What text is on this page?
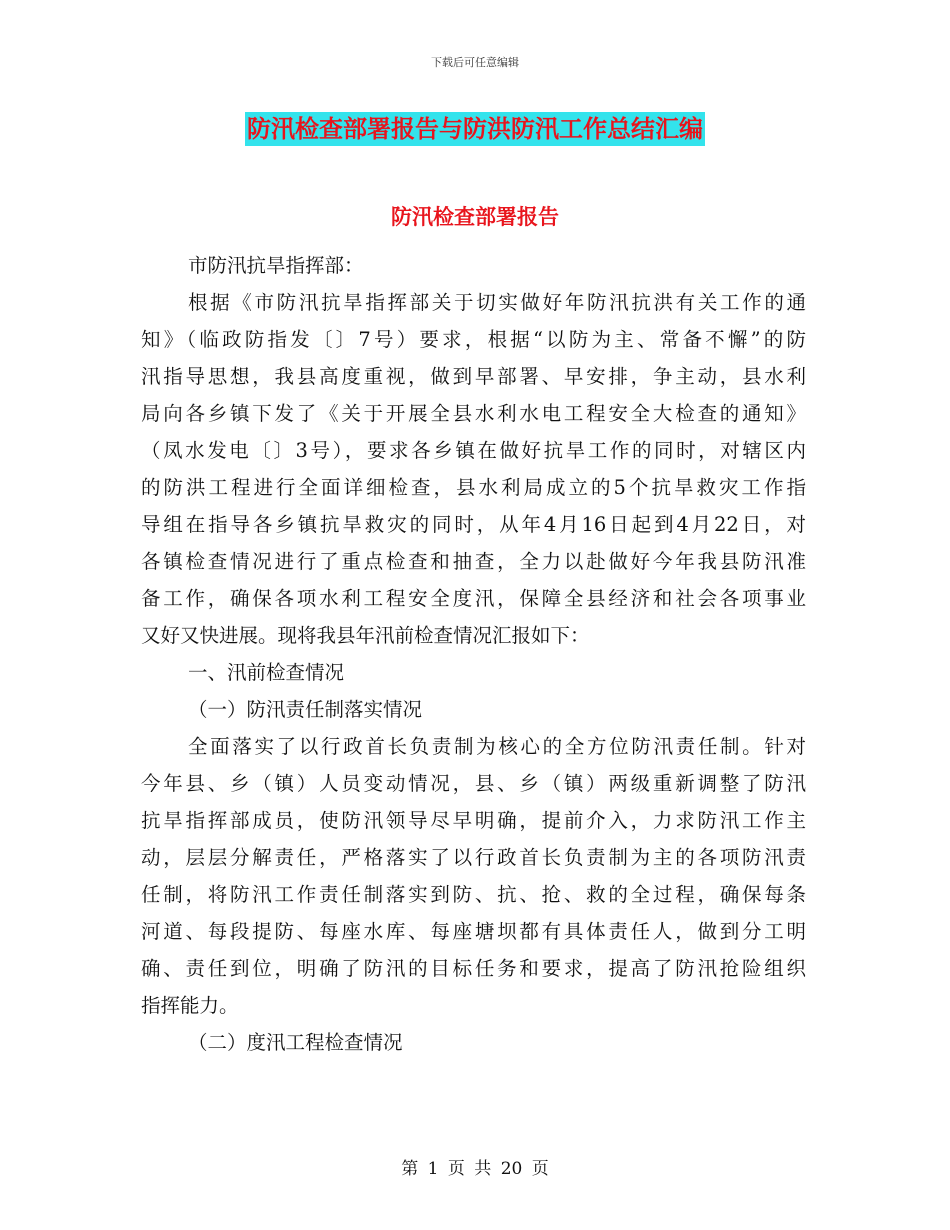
下载后可任意编辑
防汛检查部署报告与防洪防汛工作总结汇编
防汛检查部署报告
市防汛抗旱指挥部：
根据《市防汛抗旱指挥部关于切实做好年防汛抗洪有关工作的通
知》（临政防指发〔〕7号）要求，根据“以防为主、常备不懈”的防
汛指导思想，我县高度重视，做到早部署、早安排，争主动，县水利
局向各乡镇下发了《关于开展全县水利水电工程安全大检查的通知》
（凤水发电〔〕3号），要求各乡镇在做好抗旱工作的同时，对辖区内
的防洪工程进行全面详细检查，县水利局成立的5个抗旱救灾工作指
导组在指导各乡镇抗旱救灾的同时，从年4月16日起到4月22日，对
各镇检查情况进行了重点检查和抽查，全力以赴做好今年我县防汛准
备工作，确保各项水利工程安全度汛，保障全县经济和社会各项事业
又好又快进展。现将我县年汛前检查情况汇报如下：
一、汛前检查情况
（一）防汛责任制落实情况
全面落实了以行政首长负责制为核心的全方位防汛责任制。针对
今年县、乡（镇）人员变动情况，县、乡（镇）两级重新调整了防汛
抗旱指挥部成员，使防汛领导尽早明确，提前介入，力求防汛工作主
动，层层分解责任，严格落实了以行政首长负责制为主的各项防汛责
任制，将防汛工作责任制落实到防、抗、抢、救的全过程，确保每条
河道、每段提防、每座水库、每座塘坝都有具体责任人，做到分工明
确、责任到位，明确了防汛的目标任务和要求，提高了防汛抢险组织
指挥能力。
（二）度汛工程检查情况
第 1 页 共 20 页
